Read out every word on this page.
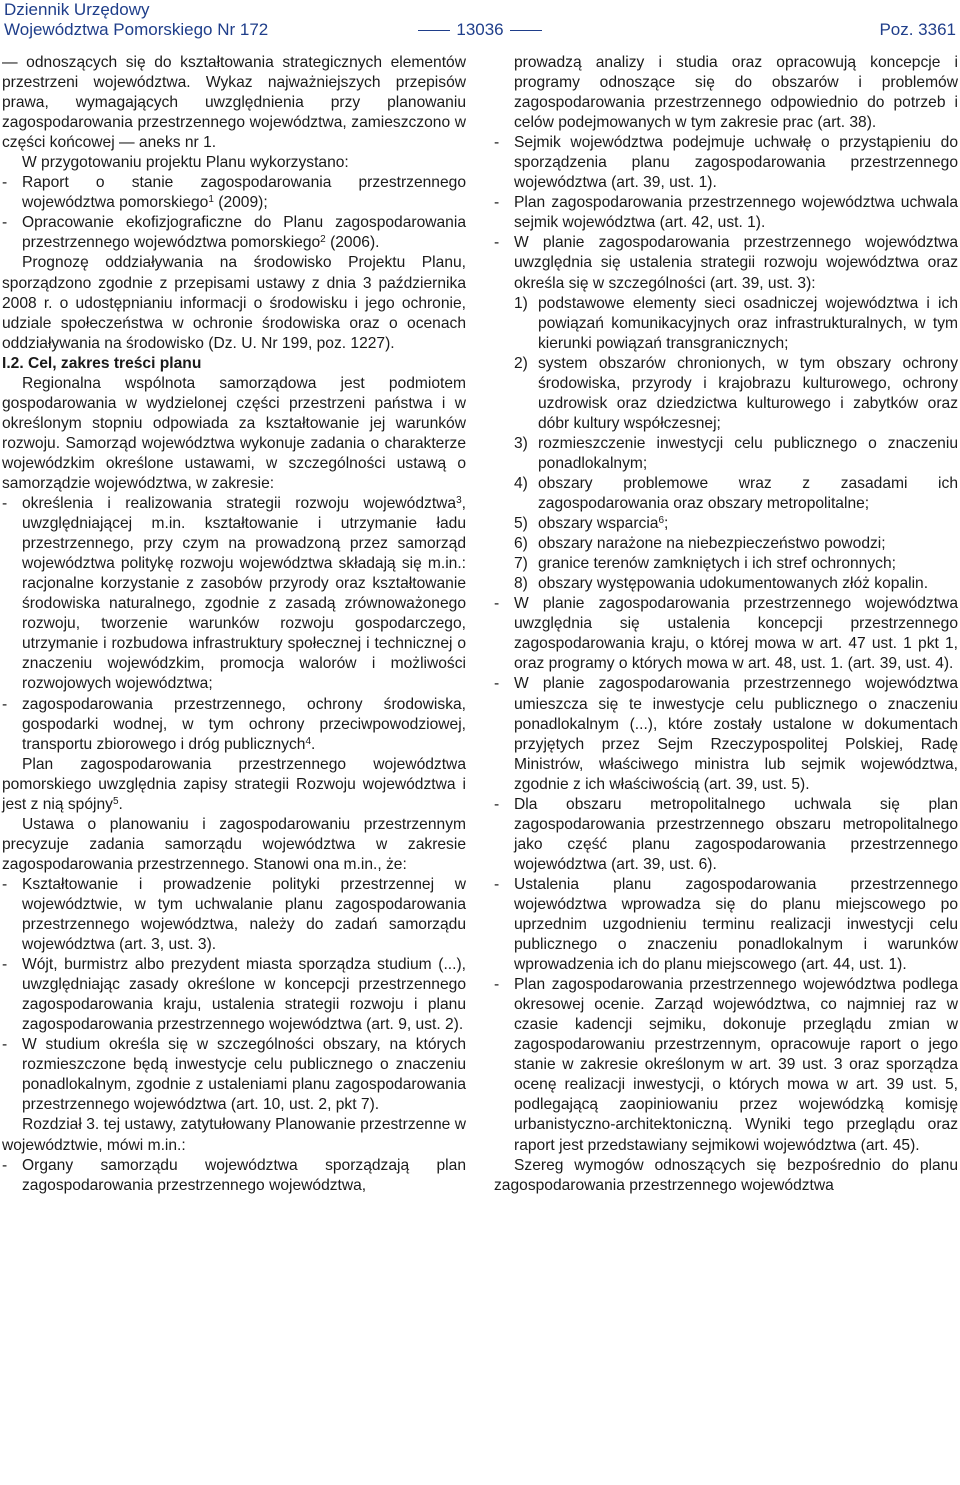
Dziennik Urzędowy
Województwa Pomorskiego Nr 172	13036	Poz. 3361

— odnoszących się do kształtowania strategicznych elementów przestrzeni województwa. Wykaz najważniejszych przepisów prawa, wymagających uwzględnienia przy planowaniu zagospodarowania przestrzennego województwa, zamieszczono w części końcowej — aneks nr 1.

W przygotowaniu projektu Planu wykorzystano:

- Raport o stanie zagospodarowania przestrzennego województwa pomorskiego$^1$ (2009);
- Opracowanie ekofizjograficzne do Planu zagospodarowania przestrzennego województwa pomorskiego$^2$ (2006).

Prognozę oddziaływania na środowisko Projektu Planu, sporządzono zgodnie z przepisami ustawy z dnia 3 października 2008 r. o udostępnianiu informacji o środowisku i jego ochronie, udziale społeczeństwa w ochronie środowiska oraz o ocenach oddziaływania na środowisko (Dz. U. Nr 199, poz. 1227).

I.2. Cel, zakres treści planu

Regionalna wspólnota samorządowa jest podmiotem gospodarowania w wydzielonej części przestrzeni państwa i w określonym stopniu odpowiada za kształtowanie jej warunków rozwoju. Samorząd województwa wykonuje zadania o charakterze wojewódzkim określone ustawami, w szczególności ustawą o samorządzie województwa, w zakresie:

- określenia i realizowania strategii rozwoju województwa$^3$, uwzględniającej m.in. kształtowanie i utrzymanie ładu przestrzennego, przy czym na prowadzoną przez samorząd województwa politykę rozwoju województwa składają się m.in.: racjonalne korzystanie z zasobów przyrody oraz kształtowanie środowiska naturalnego, zgodnie z zasadą zrównoważonego rozwoju, tworzenie warunków rozwoju gospodarczego, utrzymanie i rozbudowa infrastruktury społecznej i technicznej o znaczeniu wojewódzkim, promocja walorów i możliwości rozwojowych województwa;
- zagospodarowania przestrzennego, ochrony środowiska, gospodarki wodnej, w tym ochrony przeciwpowodziowej, transportu zbiorowego i dróg publicznych$^4$.

Plan zagospodarowania przestrzennego województwa pomorskiego uwzględnia zapisy strategii Rozwoju województwa i jest z nią spójny$^5$.

Ustawa o planowaniu i zagospodarowaniu przestrzennym precyzuje zadania samorządu województwa w zakresie zagospodarowania przestrzennego. Stanowi ona m.in., że:

- Kształtowanie i prowadzenie polityki przestrzennej w województwie, w tym uchwalanie planu zagospodarowania przestrzennego województwa, należy do zadań samorządu województwa (art. 3, ust. 3).
- Wójt, burmistrz albo prezydent miasta sporządza studium (...), uwzględniając zasady określone w koncepcji przestrzennego zagospodarowania kraju, ustalenia strategii rozwoju i planu zagospodarowania przestrzennego województwa (art. 9, ust. 2).
- W studium określa się w szczególności obszary, na których rozmieszczone będą inwestycje celu publicznego o znaczeniu ponadlokalnym, zgodnie z ustaleniami planu zagospodarowania przestrzennego województwa (art. 10, ust. 2, pkt 7).

Rozdział 3. tej ustawy, zatytułowany Planowanie przestrzenne w województwie, mówi m.in.:

- Organy samorządu województwa sporządzają plan zagospodarowania przestrzennego województwa,

prowadzą analizy i studia oraz opracowują koncepcje i programy odnoszące się do obszarów i problemów zagospodarowania przestrzennego odpowiednio do potrzeb i celów podejmowanych w tym zakresie prac (art. 38).

- Sejmik województwa podejmuje uchwałę o przystąpieniu do sporządzenia planu zagospodarowania przestrzennego województwa (art. 39, ust. 1).
- Plan zagospodarowania przestrzennego województwa uchwala sejmik województwa (art. 42, ust. 1).
- W planie zagospodarowania przestrzennego województwa uwzględnia się ustalenia strategii rozwoju województwa oraz określa się w szczególności (art. 39, ust. 3):
1) podstawowe elementy sieci osadniczej województwa i ich powiązań komunikacyjnych oraz infrastrukturalnych, w tym kierunki powiązań transgranicznych;
2) system obszarów chronionych, w tym obszary ochrony środowiska, przyrody i krajobrazu kulturowego, ochrony uzdrowisk oraz dziedzictwa kulturowego i zabytków oraz dóbr kultury współczesnej;
3) rozmieszczenie inwestycji celu publicznego o znaczeniu ponadlokalnym;
4) obszary problemowe wraz z zasadami ich zagospodarowania oraz obszary metropolitalne;
5) obszary wsparcia$^6$;
6) obszary narażone na niebezpieczeństwo powodzi;
7) granice terenów zamkniętych i ich stref ochronnych;
8) obszary występowania udokumentowanych złóż kopalin.
- W planie zagospodarowania przestrzennego województwa uwzględnia się ustalenia koncepcji przestrzennego zagospodarowania kraju, o której mowa w art. 47 ust. 1 pkt 1, oraz programy o których mowa w art. 48, ust. 1. (art. 39, ust. 4).
- W planie zagospodarowania przestrzennego województwa umieszcza się te inwestycje celu publicznego o znaczeniu ponadlokalnym (...), które zostały ustalone w dokumentach przyjętych przez Sejm Rzeczypospolitej Polskiej, Radę Ministrów, właściwego ministra lub sejmik województwa, zgodnie z ich właściwością (art. 39, ust. 5).
- Dla obszaru metropolitalnego uchwala się plan zagospodarowania przestrzennego obszaru metropolitalnego jako część planu zagospodarowania przestrzennego województwa (art. 39, ust. 6).
- Ustalenia planu zagospodarowania przestrzennego województwa wprowadza się do planu miejscowego po uprzednim uzgodnieniu terminu realizacji inwestycji celu publicznego o znaczeniu ponadlokalnym i warunków wprowadzenia ich do planu miejscowego (art. 44, ust. 1).
- Plan zagospodarowania przestrzennego województwa podlega okresowej ocenie. Zarząd województwa, co najmniej raz w czasie kadencji sejmiku, dokonuje przeglądu zmian w zagospodarowaniu przestrzennym, opracowuje raport o jego stanie w zakresie określonym w art. 39 ust. 3 oraz sporządza ocenę realizacji inwestycji, o których mowa w art. 39 ust. 5, podlegającą zaopiniowaniu przez wojewódzką komisję urbanistyczno-architektoniczną. Wyniki tego przeglądu oraz raport jest przedstawiany sejmikowi województwa (art. 45).

Szereg wymogów odnoszących się bezpośrednio do planu zagospodarowania przestrzennego województwa
